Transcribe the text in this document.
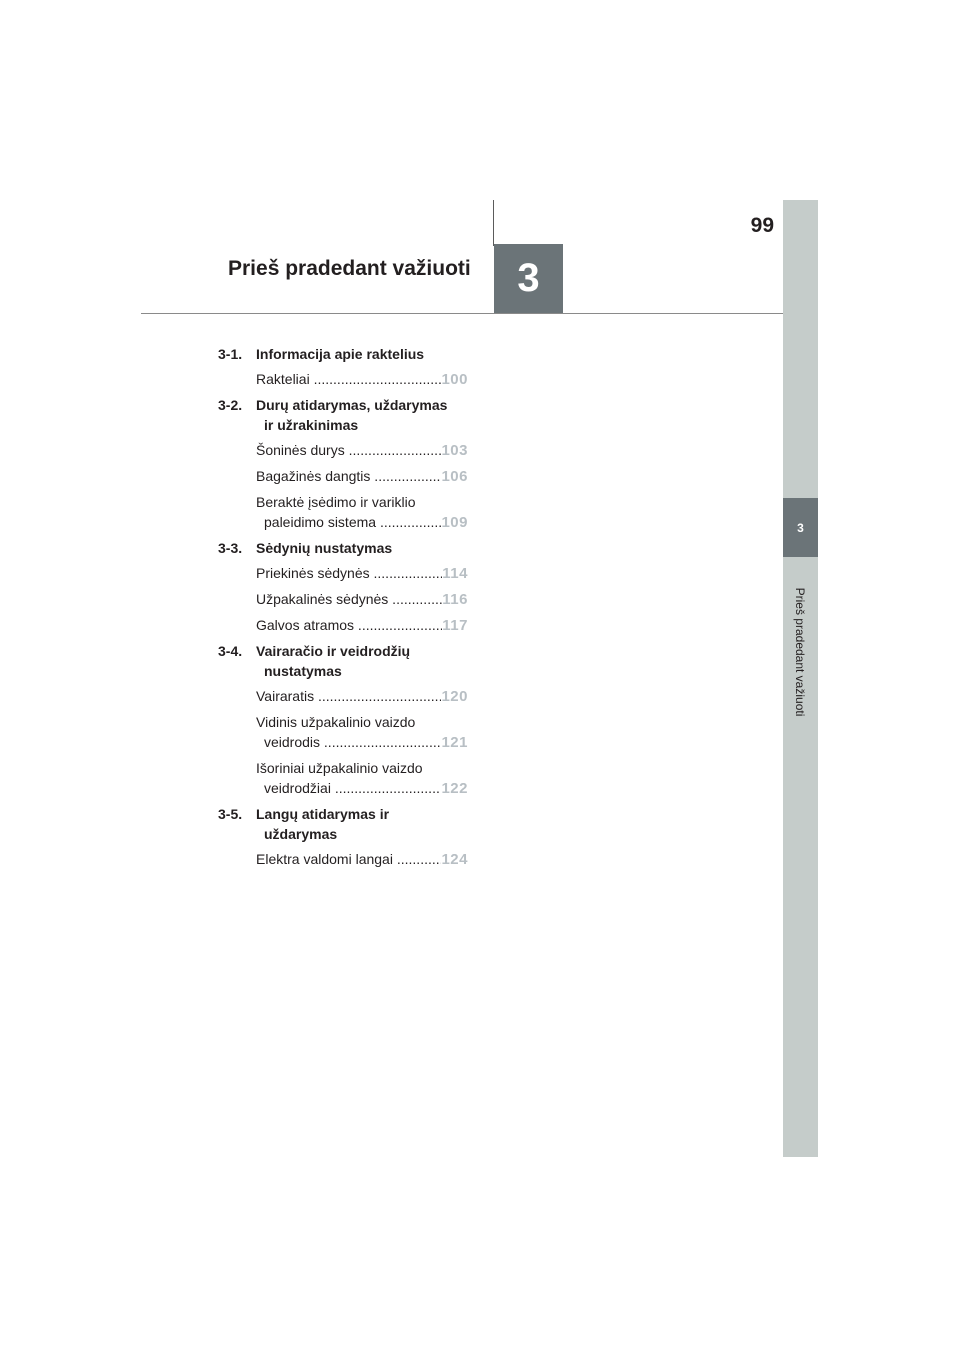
99
Prieš pradedant važiuoti	3
3
Prieš pradedant važiuoti
3-1. Informacija apie raktelius
Rakteliai .....	100
3-2. Durų atidarymas, uždarymas
ir užrakinimas
Šoninės durys .....	103
Bagažinės dangtis .....	106
Beraktė įsėdimo ir variklio
paleidimo sistema .....	109
3-3. Sėdynių nustatymas
Priekinės sėdynės .....	114
Užpakalinės sėdynės .....	116
Galvos atramos .....	117
3-4. Vairaračio ir veidrodžių
nustatymas
Vairaratis .....	120
Vidinis užpakalinio vaizdo
veidrodis .....	121
Išoriniai užpakalinio vaizdo
veidrodžiai .....	122
3-5. Langų atidarymas ir
uždarymas
Elektra valdomi langai .....	124
